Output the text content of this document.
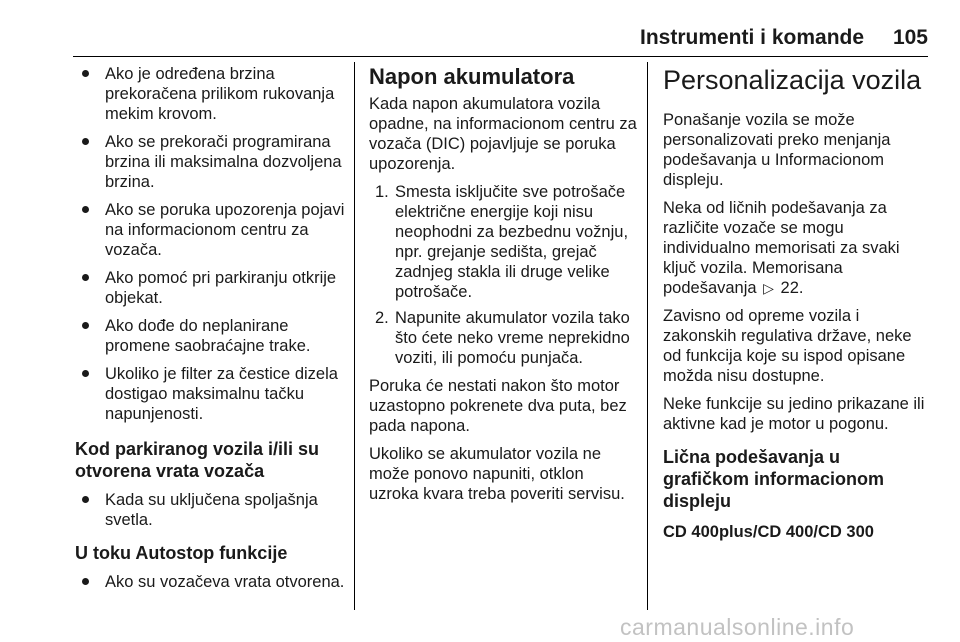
Instrumenti i komande	105
Ako je određena brzina prekoračena prilikom rukovanja mekim krovom.
Ako se prekorači programirana brzina ili maksimalna dozvoljena brzina.
Ako se poruka upozorenja pojavi na informacionom centru za vozača.
Ako pomoć pri parkiranju otkrije objekat.
Ako dođe do neplanirane promene saobraćajne trake.
Ukoliko je filter za čestice dizela dostigao maksimalnu tačku napunjenosti.
Kod parkiranog vozila i/ili su otvorena vrata vozača
Kada su uključena spoljašnja svetla.
U toku Autostop funkcije
Ako su vozačeva vrata otvorena.
Napon akumulatora

Kada napon akumulatora vozila opadne, na informacionom centru za vozača (DIC) pojavljuje se poruka upozorenja.

1. Smesta isključite sve potrošače električne energije koji nisu neophodni za bezbednu vožnju, npr. grejanje sedišta, grejač zadnjeg stakla ili druge velike potrošače.
2. Napunite akumulator vozila tako što ćete neko vreme neprekidno voziti, ili pomoću punjača.

Poruka će nestati nakon što motor uzastopno pokrenete dva puta, bez pada napona.

Ukoliko se akumulator vozila ne može ponovo napuniti, otklon uzroka kvara treba poveriti servisu.

Personalizacija vozila

Ponašanje vozila se može personalizovati preko menjanja podešavanja u Informacionom displeju.

Neka od ličnih podešavanja za različite vozače se mogu individualno memorisati za svaki ključ vozila. Memorisana podešavanja ▷ 22.

Zavisno od opreme vozila i zakonskih regulativa države, neke od funkcija koje su ispod opisane možda nisu dostupne.

Neke funkcije su jedino prikazane ili aktivne kad je motor u pogonu.

Lična podešavanja u grafičkom informacionom displeju
CD 400plus/CD 400/CD 300
carmanualsonline.info
